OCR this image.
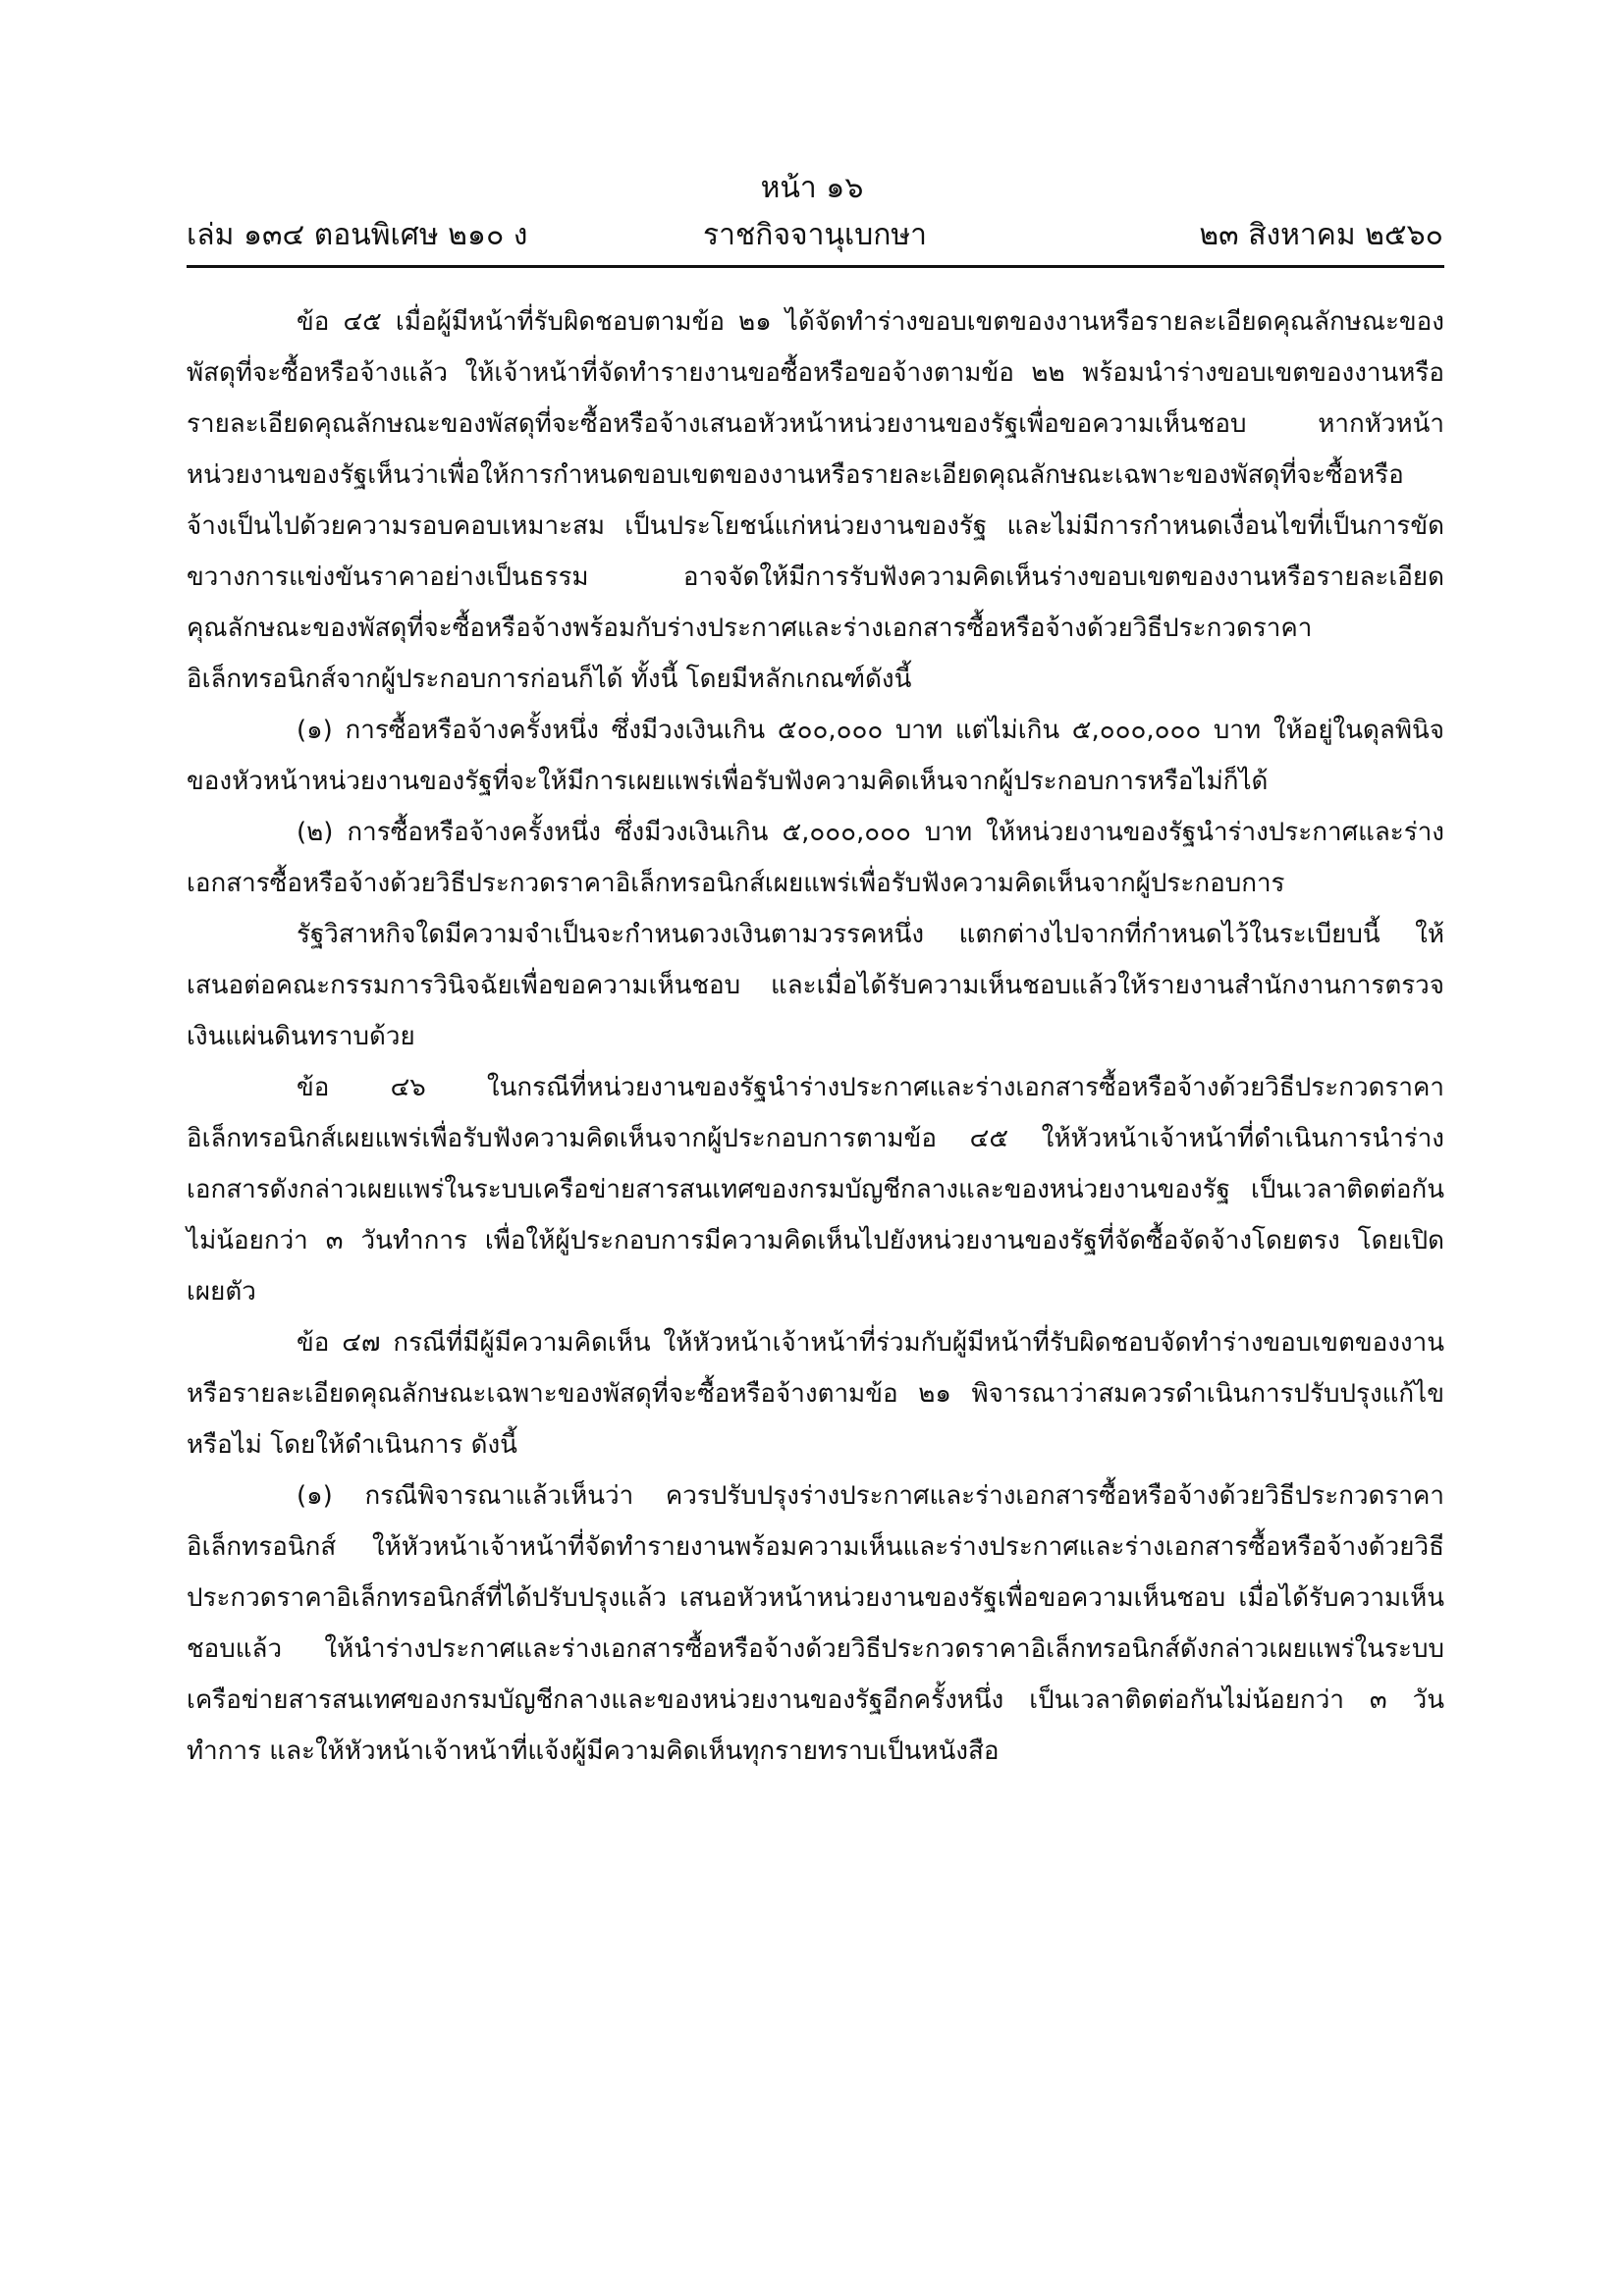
หน้า ๑๖
ราชกิจจานุเบกษา
เล่ม ๑๓๔ ตอนพิเศษ ๒๑๐ ง	๒๓ สิงหาคม ๒๕๖๐

ข้อ ๔๕ เมื่อผู้มีหน้าที่รับผิดชอบตามข้อ ๒๑ ได้จัดทำร่างขอบเขตของงานหรือรายละเอียดคุณลักษณะของพัสดุที่จะซื้อหรือจ้างแล้ว ให้เจ้าหน้าที่จัดทำรายงานขอซื้อหรือขอจ้างตามข้อ ๒๒ พร้อมนำร่างขอบเขตของงานหรือรายละเอียดคุณลักษณะของพัสดุที่จะซื้อหรือจ้างเสนอหัวหน้าหน่วยงานของรัฐเพื่อขอความเห็นชอบ หากหัวหน้าหน่วยงานของรัฐเห็นว่าเพื่อให้การกำหนดขอบเขตของงานหรือรายละเอียดคุณลักษณะเฉพาะของพัสดุที่จะซื้อหรือจ้างเป็นไปด้วยความรอบคอบเหมาะสม เป็นประโยชน์แก่หน่วยงานของรัฐ และไม่มีการกำหนดเงื่อนไขที่เป็นการขัดขวางการแข่งขันราคาอย่างเป็นธรรม อาจจัดให้มีการรับฟังความคิดเห็นร่างขอบเขตของงานหรือรายละเอียดคุณลักษณะของพัสดุที่จะซื้อหรือจ้างพร้อมกับร่างประกาศและร่างเอกสารซื้อหรือจ้างด้วยวิธีประกวดราคาอิเล็กทรอนิกส์จากผู้ประกอบการก่อนก็ได้ ทั้งนี้ โดยมีหลักเกณฑ์ดังนี้

(๑) การซื้อหรือจ้างครั้งหนึ่ง ซึ่งมีวงเงินเกิน ๕๐๐,๐๐๐ บาท แต่ไม่เกิน ๕,๐๐๐,๐๐๐ บาท ให้อยู่ในดุลพินิจของหัวหน้าหน่วยงานของรัฐที่จะให้มีการเผยแพร่เพื่อรับฟังความคิดเห็นจากผู้ประกอบการหรือไม่ก็ได้

(๒) การซื้อหรือจ้างครั้งหนึ่ง ซึ่งมีวงเงินเกิน ๕,๐๐๐,๐๐๐ บาท ให้หน่วยงานของรัฐนำร่างประกาศและร่างเอกสารซื้อหรือจ้างด้วยวิธีประกวดราคาอิเล็กทรอนิกส์เผยแพร่เพื่อรับฟังความคิดเห็นจากผู้ประกอบการ

รัฐวิสาหกิจใดมีความจำเป็นจะกำหนดวงเงินตามวรรคหนึ่ง แตกต่างไปจากที่กำหนดไว้ในระเบียบนี้ ให้เสนอต่อคณะกรรมการวินิจฉัยเพื่อขอความเห็นชอบ และเมื่อได้รับความเห็นชอบแล้วให้รายงานสำนักงานการตรวจเงินแผ่นดินทราบด้วย

ข้อ ๔๖ ในกรณีที่หน่วยงานของรัฐนำร่างประกาศและร่างเอกสารซื้อหรือจ้างด้วยวิธีประกวดราคาอิเล็กทรอนิกส์เผยแพร่เพื่อรับฟังความคิดเห็นจากผู้ประกอบการตามข้อ ๔๕ ให้หัวหน้าเจ้าหน้าที่ดำเนินการนำร่างเอกสารดังกล่าวเผยแพร่ในระบบเครือข่ายสารสนเทศของกรมบัญชีกลางและของหน่วยงานของรัฐ เป็นเวลาติดต่อกันไม่น้อยกว่า ๓ วันทำการ เพื่อให้ผู้ประกอบการมีความคิดเห็นไปยังหน่วยงานของรัฐที่จัดซื้อจัดจ้างโดยตรง โดยเปิดเผยตัว

ข้อ ๔๗ กรณีที่มีผู้มีความคิดเห็น ให้หัวหน้าเจ้าหน้าที่ร่วมกับผู้มีหน้าที่รับผิดชอบจัดทำร่างขอบเขตของงานหรือรายละเอียดคุณลักษณะเฉพาะของพัสดุที่จะซื้อหรือจ้างตามข้อ ๒๑ พิจารณาว่าสมควรดำเนินการปรับปรุงแก้ไขหรือไม่ โดยให้ดำเนินการ ดังนี้

(๑) กรณีพิจารณาแล้วเห็นว่า ควรปรับปรุงร่างประกาศและร่างเอกสารซื้อหรือจ้างด้วยวิธีประกวดราคาอิเล็กทรอนิกส์ ให้หัวหน้าเจ้าหน้าที่จัดทำรายงานพร้อมความเห็นและร่างประกาศและร่างเอกสารซื้อหรือจ้างด้วยวิธีประกวดราคาอิเล็กทรอนิกส์ที่ได้ปรับปรุงแล้ว เสนอหัวหน้าหน่วยงานของรัฐเพื่อขอความเห็นชอบ เมื่อได้รับความเห็นชอบแล้ว ให้นำร่างประกาศและร่างเอกสารซื้อหรือจ้างด้วยวิธีประกวดราคาอิเล็กทรอนิกส์ดังกล่าวเผยแพร่ในระบบเครือข่ายสารสนเทศของกรมบัญชีกลางและของหน่วยงานของรัฐอีกครั้งหนึ่ง เป็นเวลาติดต่อกันไม่น้อยกว่า ๓ วันทำการ และให้หัวหน้าเจ้าหน้าที่แจ้งผู้มีความคิดเห็นทุกรายทราบเป็นหนังสือ
